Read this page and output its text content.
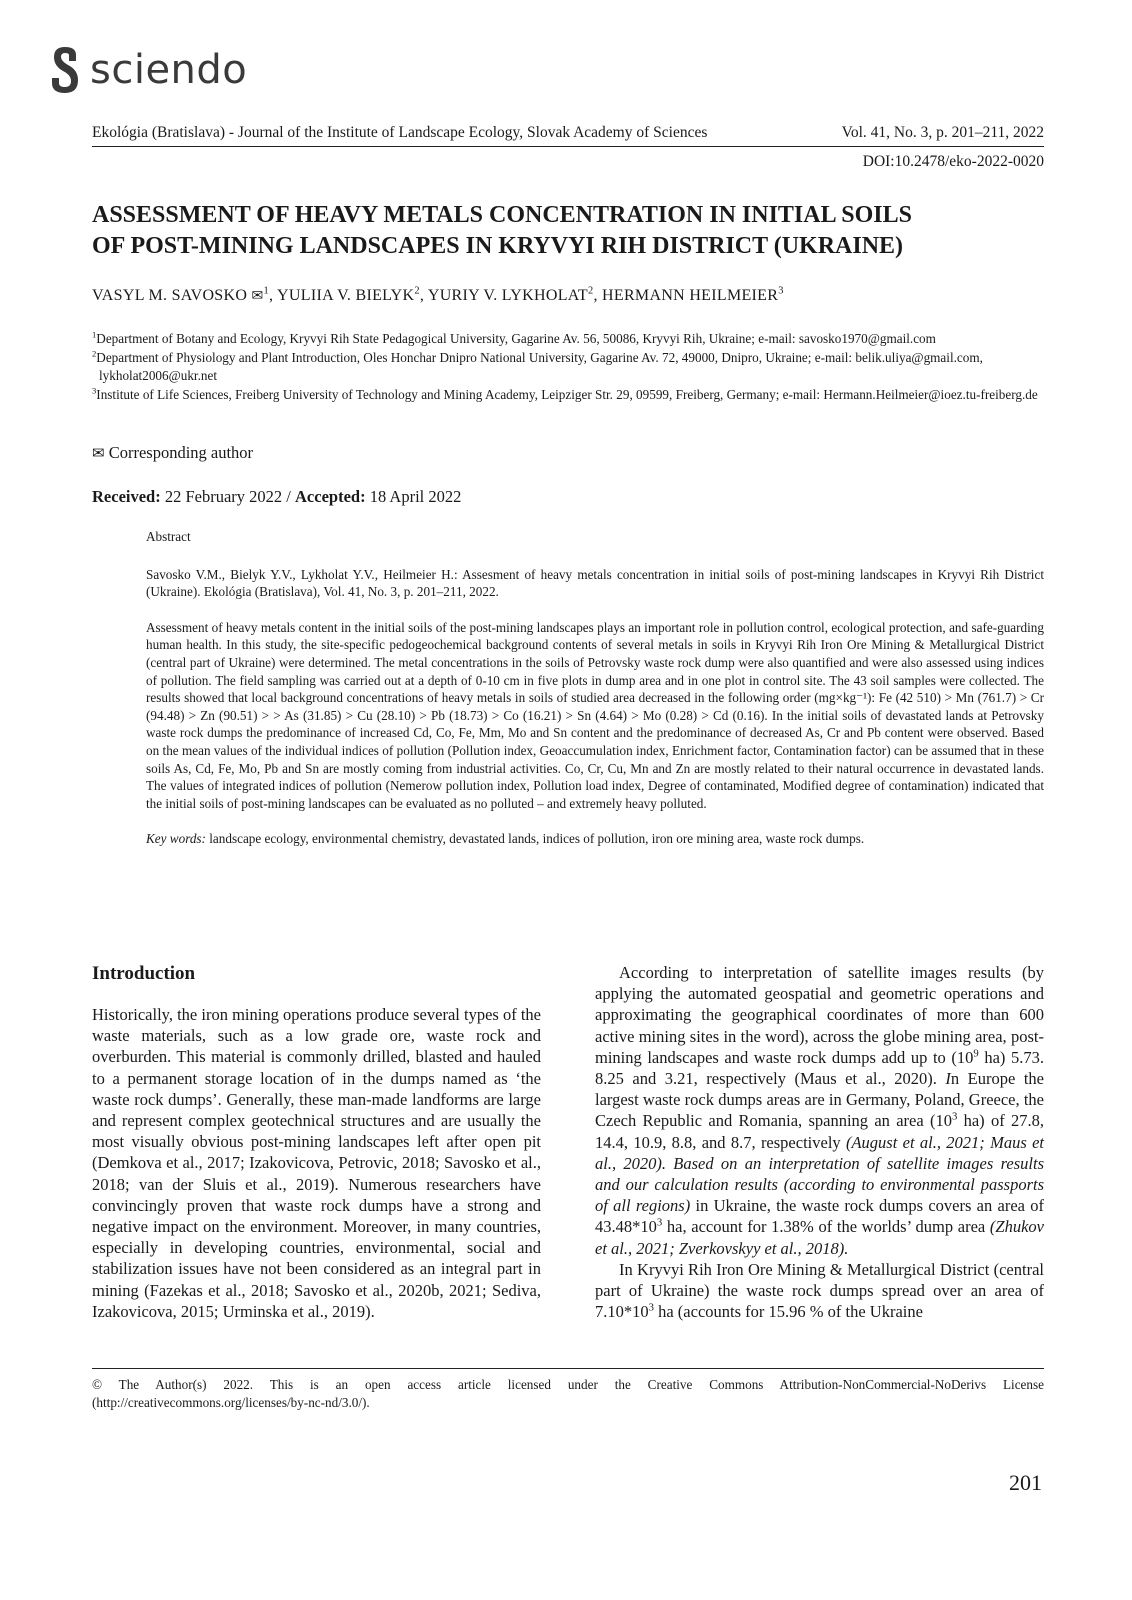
sciendo
Ekológia (Bratislava) - Journal of the Institute of Landscape Ecology, Slovak Academy of Sciences	Vol. 41, No. 3, p. 201–211, 2022
DOI:10.2478/eko-2022-0020
ASSESSMENT OF HEAVY METALS CONCENTRATION IN INITIAL SOILS
OF POST-MINING LANDSCAPES IN KRYVYI RIH DISTRICT (UKRAINE)
VASYL M. SAVOSKO ✉$^1$, YULIIA V. BIELYK$^2$, YURIY V. LYKHOLAT$^2$, HERMANN HEILMEIER$^3$

$^1$Department of Botany and Ecology, Kryvyi Rih State Pedagogical University, Gagarine Av. 56, 50086, Kryvyi Rih, Ukraine; e-mail: savosko1970@gmail.com

$^2$Department of Physiology and Plant Introduction, Oles Honchar Dnipro National University, Gagarine Av. 72, 49000, Dnipro, Ukraine; e-mail: belik.uliya@gmail.com, lykholat2006@ukr.net

$^3$Institute of Life Sciences, Freiberg University of Technology and Mining Academy, Leipziger Str. 29, 09599, Freiberg, Germany; e-mail: Hermann.Heilmeier@ioez.tu-freiberg.de

✉ Corresponding author
Received: 22 February 2022 / Accepted: 18 April 2022

Abstract

Savosko V.M., Bielyk Y.V., Lykholat Y.V., Heilmeier H.: Assesment of heavy metals concentration in initial soils of post-mining landscapes in Kryvyi Rih District (Ukraine). Ekológia (Bratislava), Vol. 41, No. 3, p. 201–211, 2022.

Assessment of heavy metals content in the initial soils of the post-mining landscapes plays an important role in pollution control, ecological protection, and safe-guarding human health. In this study, the site-specific pedogeochemical background contents of several metals in soils in Kryvyi Rih Iron Ore Mining & Metallurgical District (central part of Ukraine) were determined. The metal concentrations in the soils of Petrovsky waste rock dump were also quantified and were also assessed using indices of pollution. The field sampling was carried out at a depth of 0-10 cm in five plots in dump area and in one plot in control site. The 43 soil samples were collected. The results showed that local background concentrations of heavy metals in soils of studied area decreased in the following order (mg×kg⁻¹): Fe (42 510) > Mn (761.7) > Cr (94.48) > Zn (90.51) > > As (31.85) > Cu (28.10) > Pb (18.73) > Co (16.21) > Sn (4.64) > Mo (0.28) > Cd (0.16). In the initial soils of devastated lands at Petrovsky waste rock dumps the predominance of increased Cd, Co, Fe, Mm, Mo and Sn content and the predominance of decreased As, Cr and Pb content were observed. Based on the mean values of the individual indices of pollution (Pollution index, Geoaccumulation index, Enrichment factor, Contamination factor) can be assumed that in these soils As, Cd, Fe, Mo, Pb and Sn are mostly coming from industrial activities. Co, Cr, Cu, Mn and Zn are mostly related to their natural occurrence in devastated lands. The values of integrated indices of pollution (Nemerow pollution index, Pollution load index, Degree of contaminated, Modified degree of contamination) indicated that the initial soils of post-mining landscapes can be evaluated as no polluted – and extremely heavy polluted.

Key words: landscape ecology, environmental chemistry, devastated lands, indices of pollution, iron ore mining area, waste rock dumps.

Introduction

Historically, the iron mining operations produce several types of the waste materials, such as a low grade ore, waste rock and overburden. This material is commonly drilled, blasted and hauled to a permanent storage location of in the dumps named as ‘the waste rock dumps’. Generally, these man-made landforms are large and represent complex geotechnical structures and are usually the most visually obvious post-mining landscapes left after open pit (Demkova et al., 2017; Izakovicova, Petrovic, 2018; Savosko et al., 2018; van der Sluis et al., 2019). Numerous researchers have convincingly proven that waste rock dumps have a strong and negative impact on the environment. Moreover, in many countries, especially in developing countries, environmental, social and stabilization issues have not been considered as an integral part in mining (Fazekas et al., 2018; Savosko et al., 2020b, 2021; Sediva, Izakovicova, 2015; Urminska et al., 2019).

According to interpretation of satellite images results (by applying the automated geospatial and geometric operations and approximating the geographical coordinates of more than 600 active mining sites in the word), across the globe mining area, post-mining landscapes and waste rock dumps add up to ($10^9$ ha) 5.73. 8.25 and 3.21, respectively (Maus et al., 2020). In Europe the largest waste rock dumps areas are in Germany, Poland, Greece, the Czech Republic and Romania, spanning an area ($10^3$ ha) of 27.8, 14.4, 10.9, 8.8, and 8.7, respectively (August et al., 2021; Maus et al., 2020). Based on an interpretation of satellite images results and our calculation results (according to environmental passports of all regions) in Ukraine, the waste rock dumps covers an area of $43.48*10^3$ ha, account for 1.38% of the worlds’ dump area (Zhukov et al., 2021; Zverkovskyy et al., 2018).

In Kryvyi Rih Iron Ore Mining & Metallurgical District (central part of Ukraine) the waste rock dumps spread over an area of $7.10*10^3$ ha (accounts for 15.96 % of the Ukraine

© The Author(s) 2022. This is an open access article licensed under the Creative Commons Attribution-NonCommercial-NoDerivs License (http://creativecommons.org/licenses/by-nc-nd/3.0/).
201
